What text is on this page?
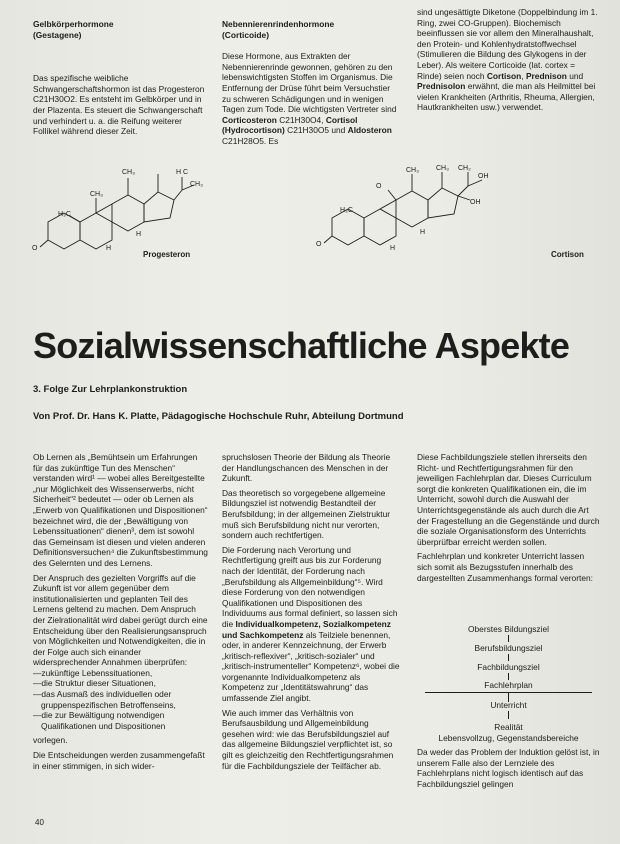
Gelbkörperhormone

(Gestagene)

Das spezifische weibliche Schwangerschaftshormon ist das Progesteron C21H30O2. Es entsteht im Gelbkörper und in der Plazenta. Es steuert die Schwangerschaft und verhindert u. a. die Reifung weiterer Follikel während dieser Zeit.

Nebennierenrindenhormone

(Corticoide)

Diese Hormone, aus Extrakten der Nebennierenrinde gewonnen, gehören zu den lebenswichtigsten Stoffen im Organismus. Die Entfernung der Drüse führt beim Versuchstier zu schweren Schädigungen und in wenigen Tagen zum Tode. Die wichtigsten Vertreter sind Corticosteron C21H30O4, Cortisol (Hydrocortison) C21H30O5 und Aldosteron C21H28O5. Es

sind ungesättigte Diketone (Doppelbindung im 1. Ring, zwei CO-Gruppen). Biochemisch beeinflussen sie vor allem den Mineralhaushalt, den Protein- und Kohlenhydratstoffwechsel (Stimulieren die Bildung des Glykogens in der Leber). Als weitere Corticoide (lat. cortex = Rinde) seien noch Cortison, Prednison und Prednisolon erwähnt, die man als Heilmittel bei vielen Krankheiten (Arthritis, Rheuma, Allergien, Hautkrankheiten usw.) verwendet.

O
CH₃
CH₃	H C
CH₃
H₃C
H
H
Progesteron
O
O
CH₃ CH₃ CH₂
OH
OH
H₃C
H
H
Cortison
Sozialwissenschaftliche Aspekte
3. Folge Zur Lehrplankonstruktion
Von Prof. Dr. Hans K. Platte, Pädagogische Hochschule Ruhr, Abteilung Dortmund

Ob Lernen als „Bemühtsein um Erfahrungen für das zukünftige Tun des Menschen“ verstanden wird¹ — wobei alles Bereitgestellte „nur Möglichkeit des Wissenserwerbs, nicht Sicherheit“² bedeutet — oder ob Lernen als „Erwerb von Qualifikationen und Dispositionen“ bezeichnet wird, die der „Bewältigung von Lebenssituationen“ dienen³, dem ist sowohl das Gemeinsam ist diesen und vielen anderen Definitionsversuchen⁴ die Zukunftsbestimmung des Gelernten und des Lernens.

Der Anspruch des gezielten Vorgriffs auf die Zukunft ist vor allem gegenüber dem institutionalisierten und geplanten Teil des Lernens geltend zu machen. Dem Anspruch der Zielrationalität wird dabei gerügt durch eine Entscheidung über den Realisierungsanspruch von Möglichkeiten und Notwendigkeiten, die in der Folge auch sich einander widersprechender Annahmen überprüfen:

—zukünftige Lebenssituationen,

—die Struktur dieser Situationen,

—das Ausmaß des individuellen oder gruppenspezifischen Betroffenseins,

—die zur Bewältigung notwendigen Qualifikationen und Dispositionen

vorlegen.

Die Entscheidungen werden zusammengefaßt in einer stimmigen, in sich wider-

spruchslosen Theorie der Bildung als Theorie der Handlungschancen des Menschen in der Zukunft.

Das theoretisch so vorgegebene allgemeine Bildungsziel ist notwendig Bestandteil der Berufsbildung; in der allgemeinen Zielstruktur muß sich Berufsbildung nicht nur verorten, sondern auch rechtfertigen.

Die Forderung nach Verortung und Rechtfertigung greift aus bis zur Forderung nach der Identität, der Forderung nach „Berufsbildung als Allgemeinbildung“⁵. Wird diese Forderung von den notwendigen Qualifikationen und Dispositionen des Individuums aus formal definiert, so lassen sich die Individualkompetenz, Sozialkompetenz und Sachkompetenz als Teilziele benennen, oder, in anderer Kennzeichnung, der Erwerb „kritisch-reflexiver“, „kritisch-sozialer“ und „kritisch-instrumenteller“ Kompetenz⁶, wobei die vorgenannte Individualkompetenz als Kompetenz zur „Identitätswahrung“ das umfassende Ziel angibt.

Wie auch immer das Verhältnis von Berufsausbildung und Allgemeinbildung gesehen wird: wie das Berufsbildungsziel auf das allgemeine Bildungsziel verpflichtet ist, so gilt es gleichzeitig den Rechtfertigungsrahmen für die Fachbildungsziele der Teilfächer ab.

Diese Fachbildungsziele stellen ihrerseits den Richt- und Rechtfertigungsrahmen für den jeweiligen Fachlehrplan dar. Dieses Curriculum sorgt die konkreten Qualifikationen ein, die im Unterricht, sowohl durch die Auswahl der Unterrichtsgegenstände als auch durch die Art der Fragestellung an die Gegenstände und durch die soziale Organisationsform des Unterrichts überprüfbar erreicht werden sollen.

Fachlehrplan und konkreter Unterricht lassen sich somit als Bezugsstufen innerhalb des dargestellten Zusammenhangs formal verorten:

Oberstes Bildungsziel
Berufsbildungsziel
Fachbildungsziel
Fachlehrplan
Unterricht

Realität

Lebensvollzug, Gegenstandsbereiche

Da weder das Problem der Induktion gelöst ist, in unserem Falle also der Lernziele des Fachlehrplans nicht logisch identisch auf das Fachbildungsziel gelingen

40
